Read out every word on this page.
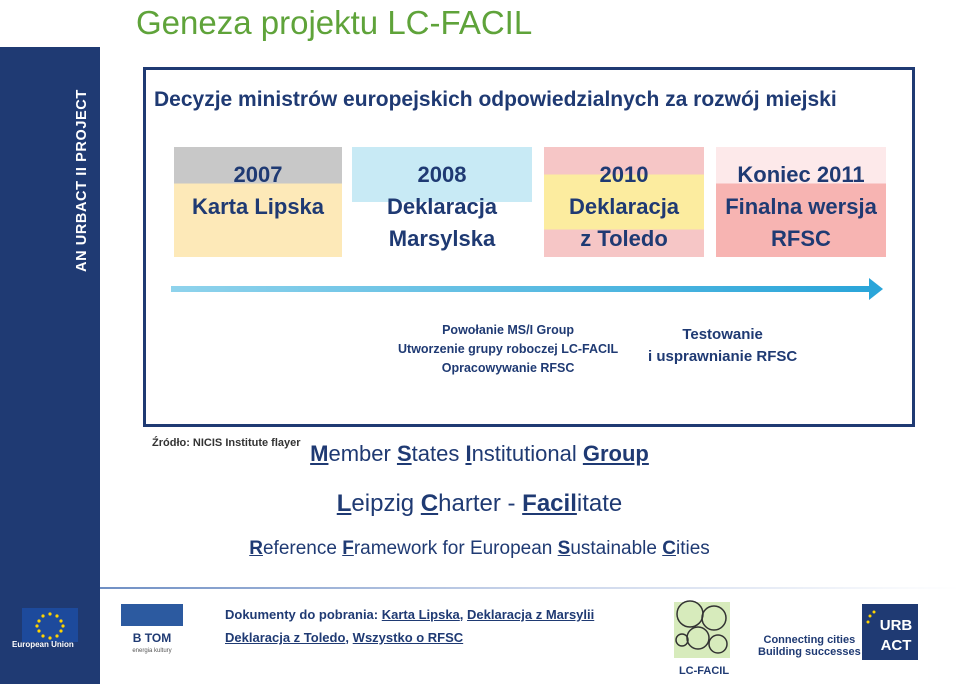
Geneza projektu LC-FACIL
AN URBACT II PROJECT	Decyzje ministrów europejskich odpowiedzialnych za rozwój miejski
2007
Karta Lipska
2008
Deklaracja
Marsylska
2010
Deklaracja
z Toledo
Koniec 2011
Finalna wersja
RFSC
Powołanie MS/I Group
Utworzenie grupy roboczej LC-FACIL
Opracowywanie RFSC
Testowanie
i usprawnianie RFSC
Źródło: NICIS Institute flayer Member States Institutional Group
Leipzig Charter - Facilitate
Reference Framework for European Sustainable Cities
European Union	B TOM
energia kultury
Dokumenty do pobrania: Karta Lipska, Deklaracja z Marsylii
Deklaracja z Toledo, Wszystko o RFSC
LC-FACIL
Connecting cities
Building successes
URB
ACT
